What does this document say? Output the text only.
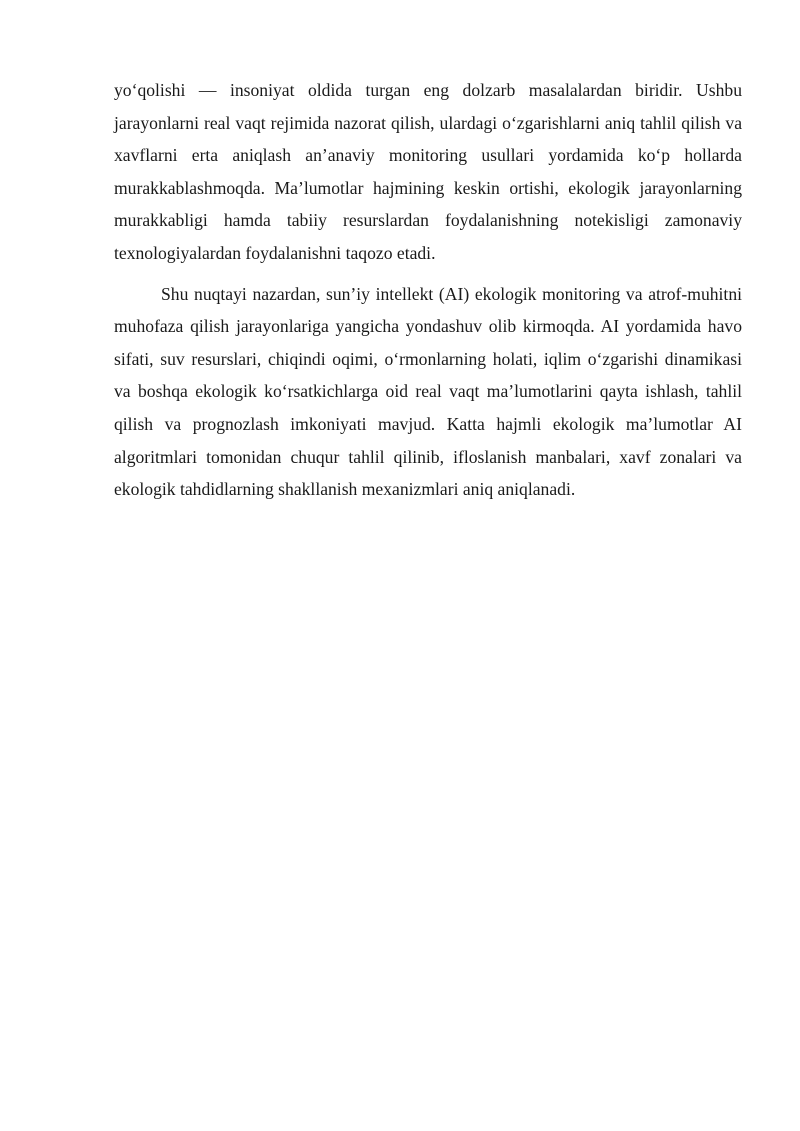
yo‘qolishi — insoniyat oldida turgan eng dolzarb masalalardan biridir. Ushbu jarayonlarni real vaqt rejimida nazorat qilish, ulardagi o‘zgarishlarni aniq tahlil qilish va xavflarni erta aniqlash an’anaviy monitoring usullari yordamida ko‘p hollarda murakkablashmoqda. Ma’lumotlar hajmining keskin ortishi, ekologik jarayonlarning murakkabligi hamda tabiiy resurslardan foydalanishning notekisligi zamonaviy texnologiyalardan foydalanishni taqozo etadi.

Shu nuqtayi nazardan, sun’iy intellekt (AI) ekologik monitoring va atrof-muhitni muhofaza qilish jarayonlariga yangicha yondashuv olib kirmoqda. AI yordamida havo sifati, suv resurslari, chiqindi oqimi, o‘rmonlarning holati, iqlim o‘zgarishi dinamikasi va boshqa ekologik ko‘rsatkichlarga oid real vaqt ma’lumotlarini qayta ishlash, tahlil qilish va prognozlash imkoniyati mavjud. Katta hajmli ekologik ma’lumotlar AI algoritmlari tomonidan chuqur tahlil qilinib, ifloslanish manbalari, xavf zonalari va ekologik tahdidlarning shakllanish mexanizmlari aniq aniqlanadi.
